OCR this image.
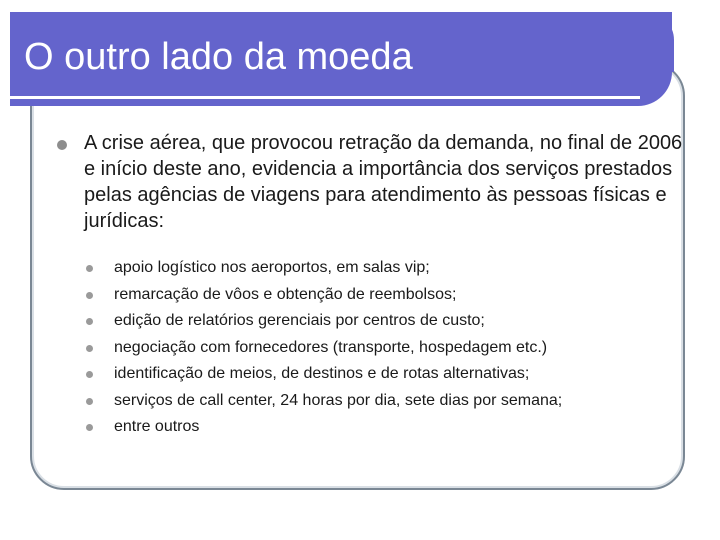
O outro lado da moeda
A crise aérea, que provocou retração da demanda, no final de 2006 e início deste ano, evidencia a importância dos serviços prestados pelas agências de viagens para atendimento às pessoas físicas e jurídicas:
apoio logístico nos aeroportos, em salas vip;
remarcação de vôos e obtenção de reembolsos;
edição de relatórios gerenciais por centros de custo;
negociação com fornecedores (transporte, hospedagem etc.)
identificação de meios, de destinos e de rotas alternativas;
serviços de call center, 24 horas por dia, sete dias por semana;
entre outros
